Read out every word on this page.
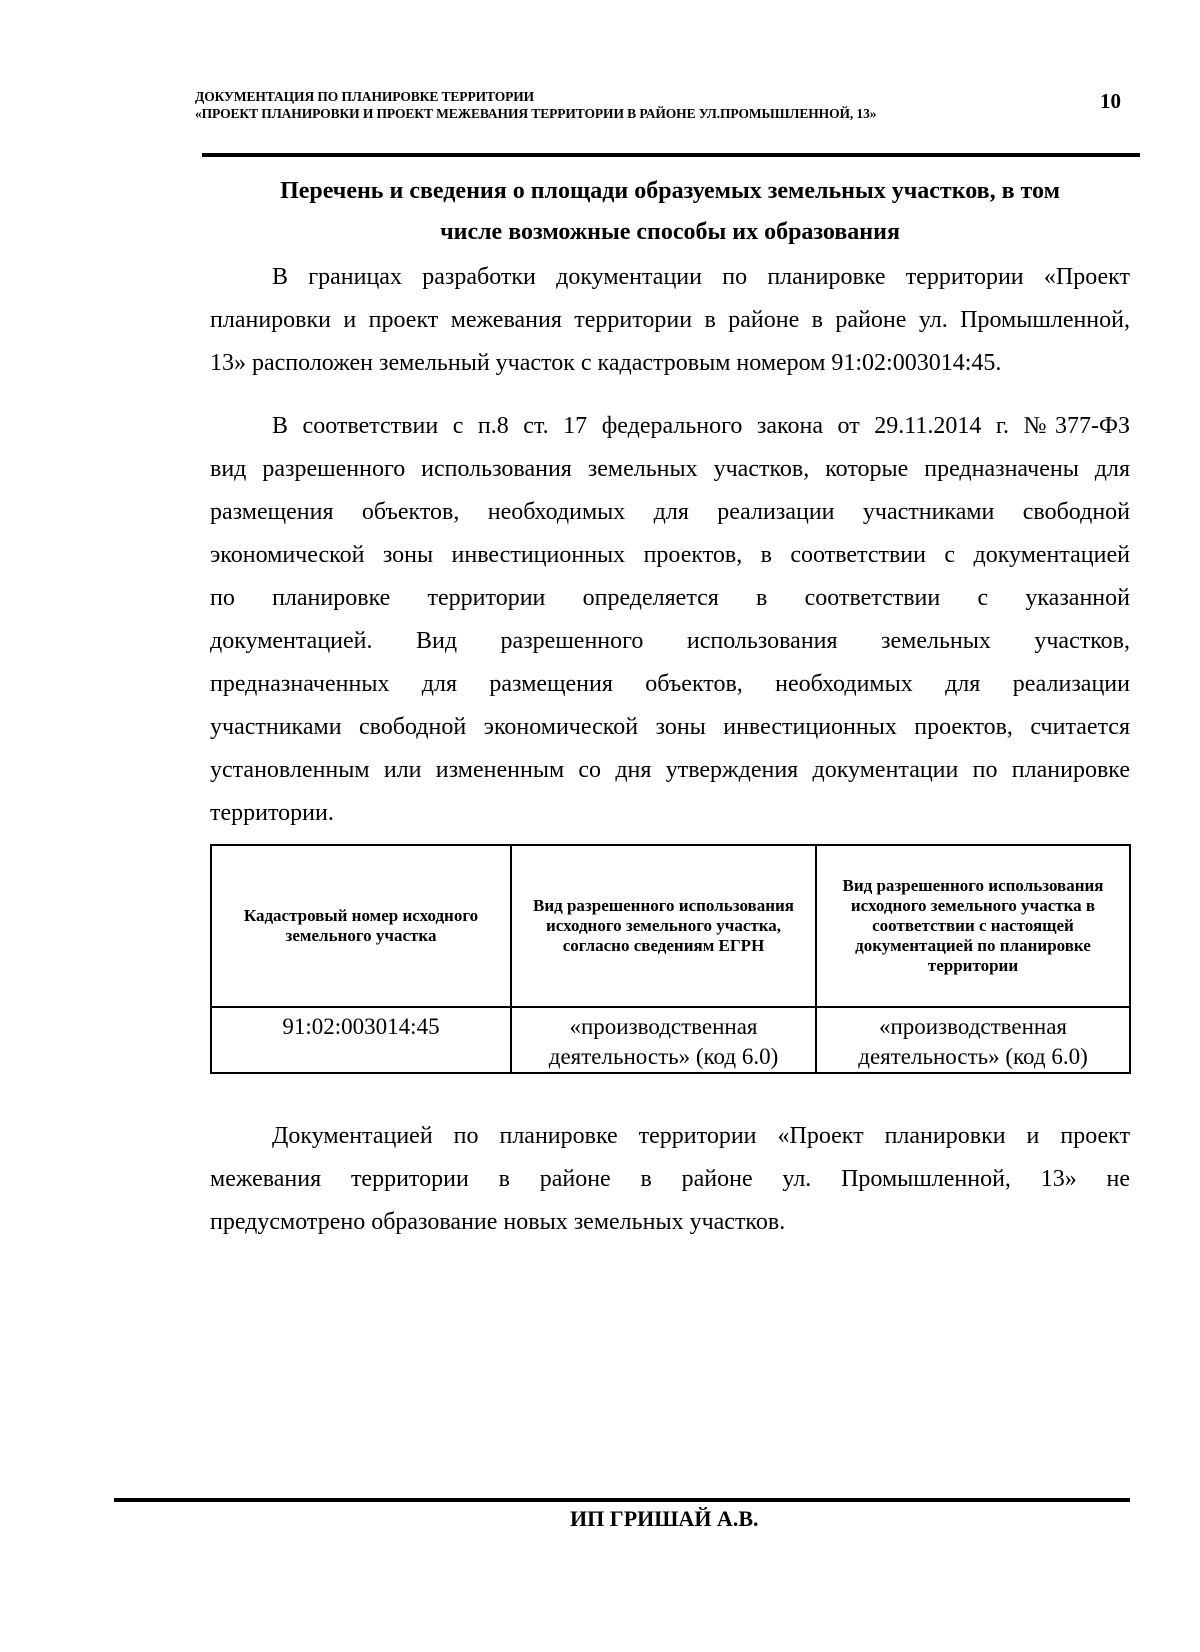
ДОКУМЕНТАЦИЯ ПО ПЛАНИРОВКЕ ТЕРРИТОРИИ
«ПРОЕКТ ПЛАНИРОВКИ И ПРОЕКТ МЕЖЕВАНИЯ ТЕРРИТОРИИ В РАЙОНЕ УЛ.ПРОМЫШЛЕННОЙ, 13»
10
Перечень и сведения о площади образуемых земельных участков, в том
числе возможные способы их образования
В границах разработки документации по планировке территории «Проект
планировки и проект межевания территории в районе в районе ул. Промышленной,
13» расположен земельный участок с кадастровым номером 91:02:003014:45.
В соответствии с п.8 ст. 17 федерального закона от 29.11.2014 г. №377-ФЗ
вид разрешенного использования земельных участков, которые предназначены для
размещения объектов, необходимых для реализации участниками свободной
экономической зоны инвестиционных проектов, в соответствии с документацией
по планировке территории определяется в соответствии с указанной
документацией. Вид разрешенного использования земельных участков,
предназначенных для размещения объектов, необходимых для реализации
участниками свободной экономической зоны инвестиционных проектов, считается
установленным или измененным со дня утверждения документации по планировке
территории.
Кадастровый номер исходного земельного участка	Вид разрешенного использования исходного земельного участка, согласно сведениям ЕГРН	Вид разрешенного использования исходного земельного участка в соответствии с настоящей документацией по планировке территории
91:02:003014:45	«производственная деятельность» (код 6.0)	«производственная деятельность» (код 6.0)
Документацией по планировке территории «Проект планировки и проект
межевания территории в районе в районе ул. Промышленной, 13» не
предусмотрено образование новых земельных участков.
ИП ГРИШАЙ А.В.
